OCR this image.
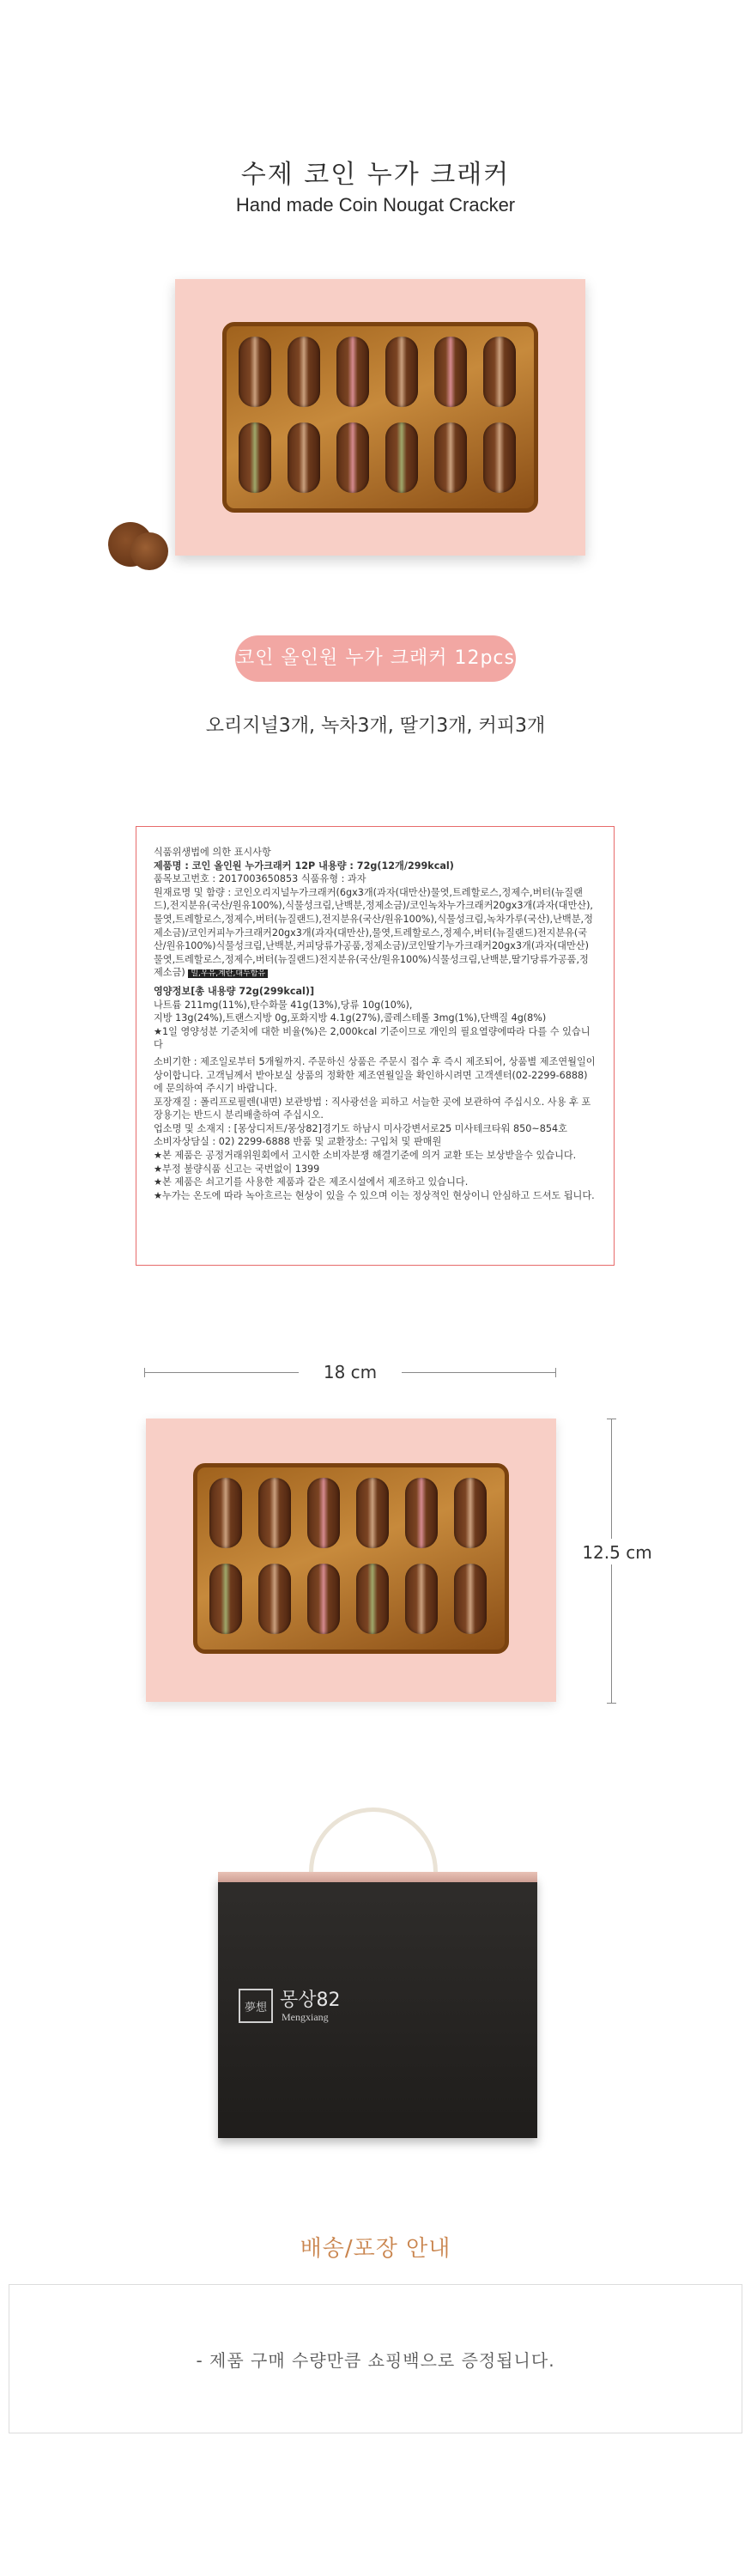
수제 코인 누가 크래커
Hand made Coin Nougat Cracker
코인 올인원 누가 크래커 12pcs
오리지널3개, 녹차3개, 딸기3개, 커피3개

식품위생법에 의한 표시사항

제품명 : 코인 올인원 누가크래커 12P 내용량 : 72g(12개/299kcal)

품목보고번호 : 2017003650853 식품유형 : 과자

원재료명 및 함량 : 코인오리지널누가크래커(6gx3개(과자(대만산)물엿,트레할로스,정제수,버터(뉴질랜드),전지분유(국산/원유100%),식물성크림,난백분,정제소금)/코인녹차누가크래커20gx3개(과자(대만산),물엿,트레할로스,정제수,버터(뉴질랜드),전지분유(국산/원유100%),식물성크림,녹차가루(국산),난백분,정제소금)/코인커피누가크래커20gx3개(과자(대만산),물엿,트레할로스,정제수,버터(뉴질랜드)전지분유(국산/원유100%)식물성크림,난백분,커피당류가공품,정제소금)/코인딸기누가크래커20gx3개(과자(대만산)물엿,트레할로스,정제수,버터(뉴질랜드)전지분유(국산/원유100%)식물성크림,난백분,딸기당류가공품,정제소금) 밀,우유,계란,대두함유

영양정보[총 내용량 72g(299kcal)]

나트륨 211mg(11%),탄수화물 41g(13%),당류 10g(10%),

지방 13g(24%),트랜스지방 0g,포화지방 4.1g(27%),콜레스테롤 3mg(1%),단백질 4g(8%)

★1일 영양성분 기준치에 대한 비율(%)은 2,000kcal 기준이므로 개인의 필요열량에따라 다를 수 있습니다

소비기한 : 제조일로부터 5개월까지. 주문하신 상품은 주문시 접수 후 즉시 제조되어, 상품별 제조연월일이 상이합니다. 고객님께서 받아보실 상품의 정확한 제조연월일을 확인하시려면 고객센터(02-2299-6888)에 문의하여 주시기 바랍니다.

포장재질 : 폴리프로필렌(내면) 보관방법 : 직사광선을 피하고 서늘한 곳에 보관하여 주십시오. 사용 후 포장용기는 반드시 분리배출하여 주십시오.

업소명 및 소재지 : [몽상디저트/몽상82]경기도 하남시 미사강변서로25 미사테크타워 850~854호

소비자상담실 : 02) 2299-6888 반품 및 교환장소: 구입처 및 판매원

★본 제품은 공정거래위원회에서 고시한 소비자분쟁 해결기준에 의거 교환 또는 보상받을수 있습니다.

★부정 불량식품 신고는 국번없이 1399

★본 제품은 쇠고기를 사용한 제품과 같은 제조시설에서 제조하고 있습니다.

★누가는 온도에 따라 녹아흐르는 현상이 있을 수 있으며 이는 정상적인 현상이니 안심하고 드셔도 됩니다.

18 cm
12.5 cm
夢想 몽상82
Mengxiang
배송/포장 안내
- 제품 구매 수량만큼 쇼핑백으로 증정됩니다.
